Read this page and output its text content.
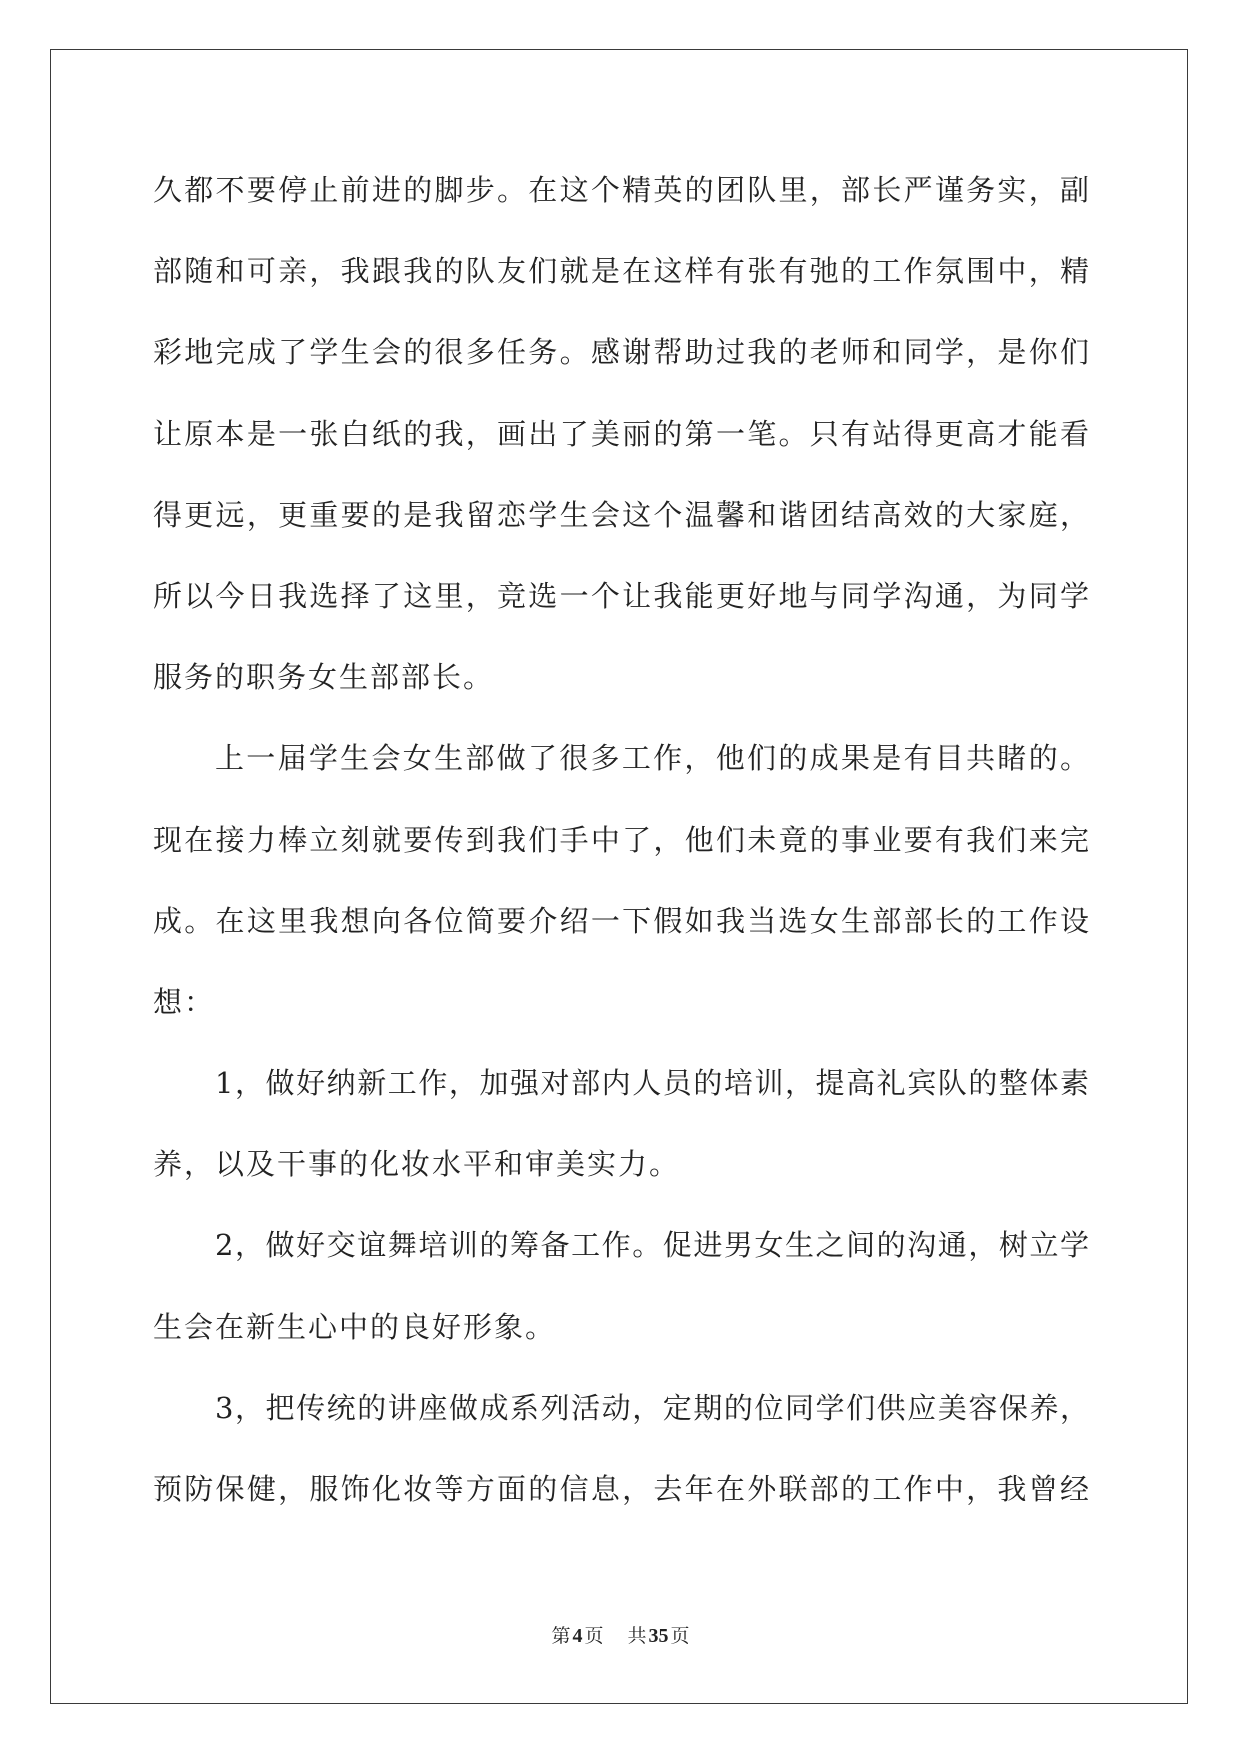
久都不要停止前进的脚步。在这个精英的团队里，部长严谨务实，副
部随和可亲，我跟我的队友们就是在这样有张有弛的工作氛围中，精
彩地完成了学生会的很多任务。感谢帮助过我的老师和同学，是你们
让原本是一张白纸的我，画出了美丽的第一笔。只有站得更高才能看
得更远，更重要的是我留恋学生会这个温馨和谐团结高效的大家庭，
所以今日我选择了这里，竞选一个让我能更好地与同学沟通，为同学
服务的职务女生部部长。
上一届学生会女生部做了很多工作，他们的成果是有目共睹的。
现在接力棒立刻就要传到我们手中了，他们未竟的事业要有我们来完
成。在这里我想向各位简要介绍一下假如我当选女生部部长的工作设
想：
1，做好纳新工作，加强对部内人员的培训，提高礼宾队的整体素
养，以及干事的化妆水平和审美实力。
2，做好交谊舞培训的筹备工作。促进男女生之间的沟通，树立学
生会在新生心中的良好形象。
3，把传统的讲座做成系列活动，定期的位同学们供应美容保养，
预防保健，服饰化妆等方面的信息，去年在外联部的工作中，我曾经
第 4 页 共 35 页
